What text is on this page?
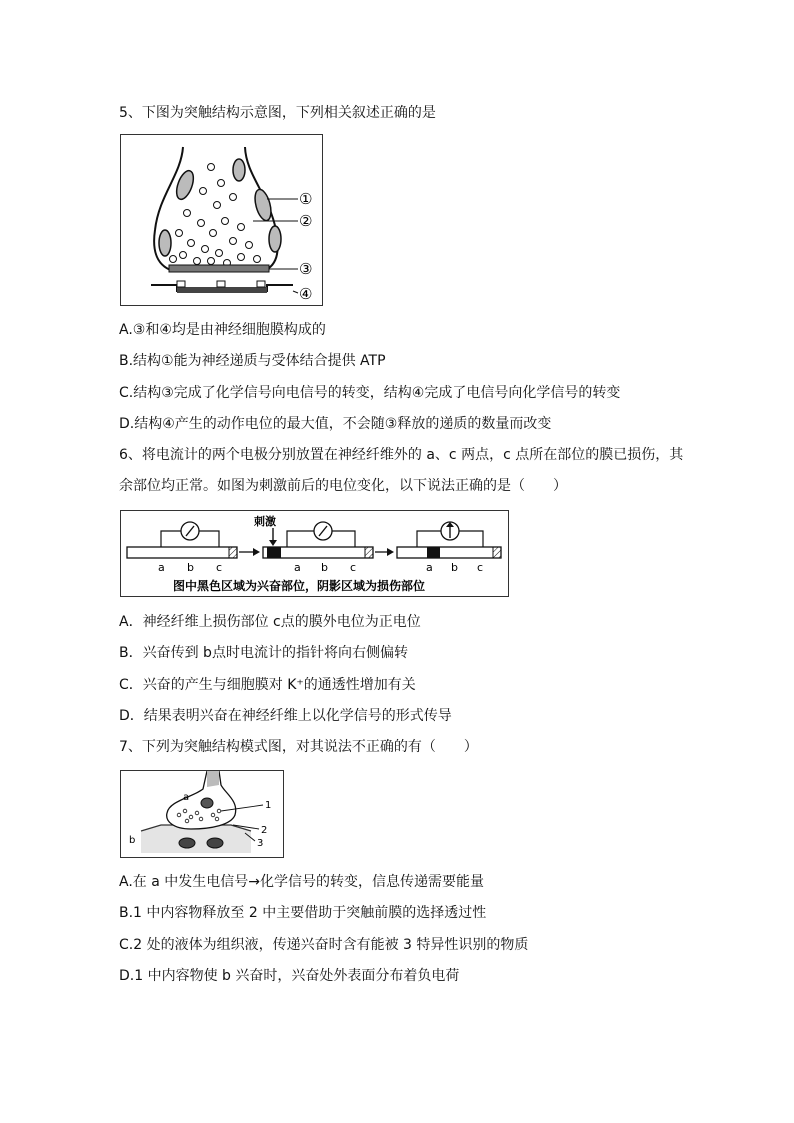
5、下图为突触结构示意图，下列相关叙述正确的是
①
②
③
④
A.③和④均是由神经细胞膜构成的
B.结构①能为神经递质与受体结合提供 ATP
C.结构③完成了化学信号向电信号的转变，结构④完成了电信号向化学信号的转变
D.结构④产生的动作电位的最大值，不会随③释放的递质的数量而改变
6、将电流计的两个电极分别放置在神经纤维外的 a、c 两点，c 点所在部位的膜已损伤，其
余部位均正常。如图为刺激前后的电位变化，以下说法正确的是（　　）
a b c
刺激
a b c	a b c
图中黑色区域为兴奋部位，阴影区域为损伤部位
A．神经纤维上损伤部位 c点的膜外电位为正电位
B．兴奋传到 b点时电流计的指针将向右侧偏转
C．兴奋的产生与细胞膜对 K⁺的通透性增加有关
D．结果表明兴奋在神经纤维上以化学信号的形式传导
7、下列为突触结构模式图，对其说法不正确的有（　　）
a
b
1
2
3
A.在 a 中发生电信号→化学信号的转变，信息传递需要能量
B.1 中内容物释放至 2 中主要借助于突触前膜的选择透过性
C.2 处的液体为组织液，传递兴奋时含有能被 3 特异性识别的物质
D.1 中内容物使 b 兴奋时，兴奋处外表面分布着负电荷
